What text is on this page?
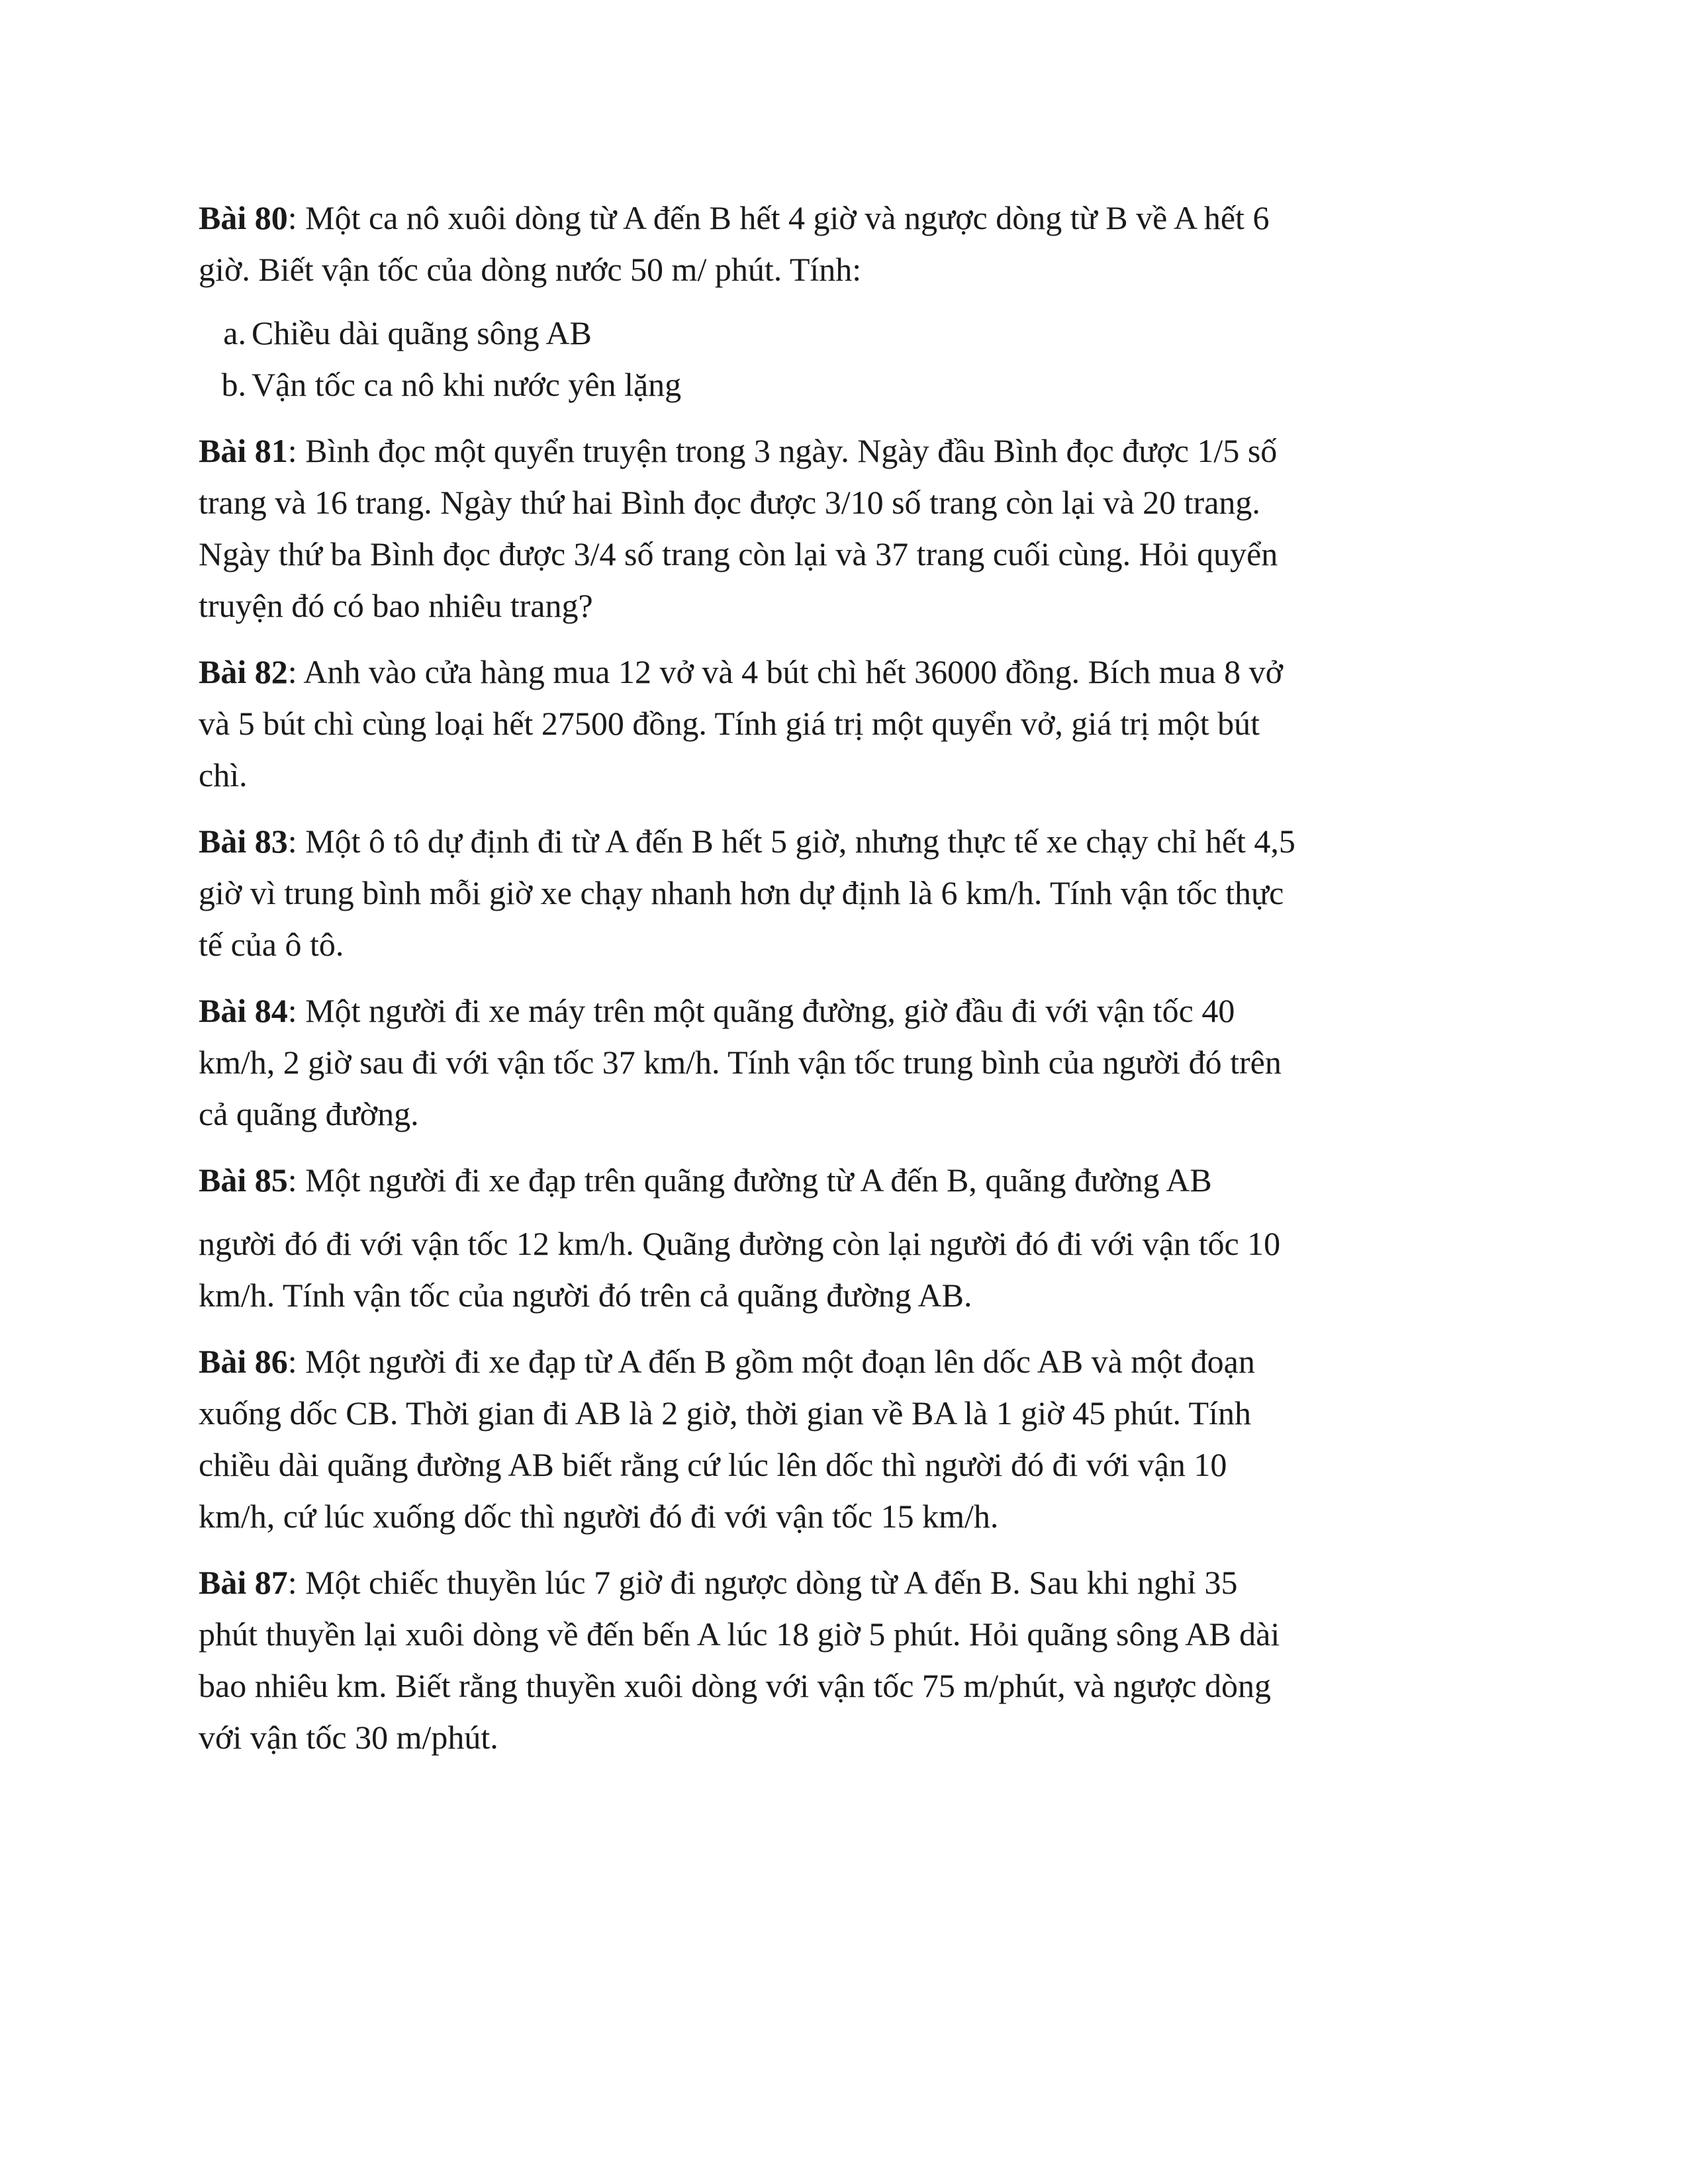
Bài 80: Một ca nô xuôi dòng từ A đến B hết 4 giờ và ngược dòng từ B về A hết 6

giờ. Biết vận tốc của dòng nước 50 m/ phút. Tính:

a. Chiều dài quãng sông AB
b. Vận tốc ca nô khi nước yên lặng

Bài 81: Bình đọc một quyển truyện trong 3 ngày. Ngày đầu Bình đọc được 1/5 số

trang và 16 trang. Ngày thứ hai Bình đọc được 3/10 số trang còn lại và 20 trang.

Ngày thứ ba Bình đọc được 3/4 số trang còn lại và 37 trang cuối cùng. Hỏi quyển

truyện đó có bao nhiêu trang?

Bài 82: Anh vào cửa hàng mua 12 vở và 4 bút chì hết 36000 đồng. Bích mua 8 vở

và 5 bút chì cùng loại hết 27500 đồng. Tính giá trị một quyển vở, giá trị một bút

chì.

Bài 83: Một ô tô dự định đi từ A đến B hết 5 giờ, nhưng thực tế xe chạy chỉ hết 4,5

giờ vì trung bình mỗi giờ xe chạy nhanh hơn dự định là 6 km/h. Tính vận tốc thực

tế của ô tô.

Bài 84: Một người đi xe máy trên một quãng đường, giờ đầu đi với vận tốc 40

km/h, 2 giờ sau đi với vận tốc 37 km/h. Tính vận tốc trung bình của người đó trên

cả quãng đường.

Bài 85: Một người đi xe đạp trên quãng đường từ A đến B, quãng đường AB

người đó đi với vận tốc 12 km/h. Quãng đường còn lại người đó đi với vận tốc 10

km/h. Tính vận tốc của người đó trên cả quãng đường AB.

Bài 86: Một người đi xe đạp từ A đến B gồm một đoạn lên dốc AB và một đoạn

xuống dốc CB. Thời gian đi AB là 2 giờ, thời gian về BA là 1 giờ 45 phút. Tính

chiều dài quãng đường AB biết rằng cứ lúc lên dốc thì người đó đi với vận 10

km/h, cứ lúc xuống dốc thì người đó đi với vận tốc 15 km/h.

Bài 87: Một chiếc thuyền lúc 7 giờ đi ngược dòng từ A đến B. Sau khi nghỉ 35

phút thuyền lại xuôi dòng về đến bến A lúc 18 giờ 5 phút. Hỏi quãng sông AB dài

bao nhiêu km. Biết rằng thuyền xuôi dòng với vận tốc 75 m/phút, và ngược dòng

với vận tốc 30 m/phút.
